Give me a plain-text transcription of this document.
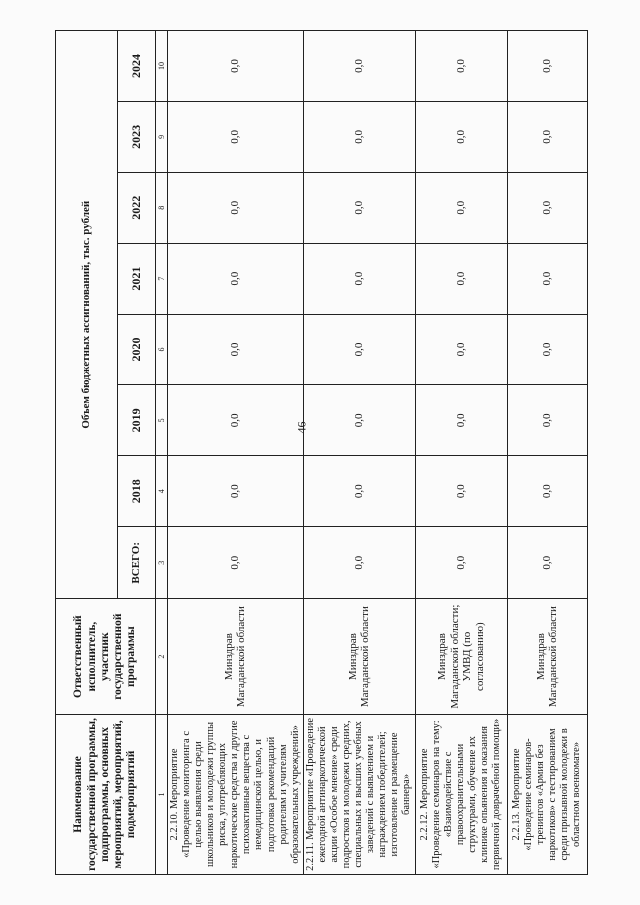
46
Наименование государственной программы, подпрограммы, основных мероприятий, мероприятий, подмероприятий	Ответственный исполнитель, участник государственной программы	Объем бюджетных ассигнований, тыс. рублей							
		ВСЕГО:	2018	2019	2020	2021	2022	2023	2024
1	2	3	4	5	6	7	8	9	10
2.2.10. Мероприятие «Проведение мониторинга с целью выявления среди школьников и молодежи группы риска, употребляющих наркотические средства и другие психоактивные вещества с немедицинской целью, и подготовка рекомендаций родителям и учителям образовательных учреждений»	Минздрав Магаданской области	0,0	0,0	0,0	0,0	0,0	0,0	0,0	0,0
2.2.11. Мероприятие «Проведение ежегодной антинаркотической акции «Особое мнение» среди подростков и молодежи средних, специальных и высших учебных заведений с выявлением и награждением победителей; изготовление и размещение баннера»	Минздрав Магаданской области	0,0	0,0	0,0	0,0	0,0	0,0	0,0	0,0
2.2.12. Мероприятие «Проведение семинаров на тему: «Взаимодействие с правоохранительными структурами, обучение их клинике опьянения и оказания первичной доврачебной помощи»	Минздрав Магаданской области; УМВД (по согласованию)	0,0	0,0	0,0	0,0	0,0	0,0	0,0	0,0
2.2.13. Мероприятие «Проведение семинаров-тренингов «Армия без наркотиков» с тестированием среди призывной молодежи в областном военкомате»	Минздрав Магаданской области	0,0	0,0	0,0	0,0	0,0	0,0	0,0	0,0
